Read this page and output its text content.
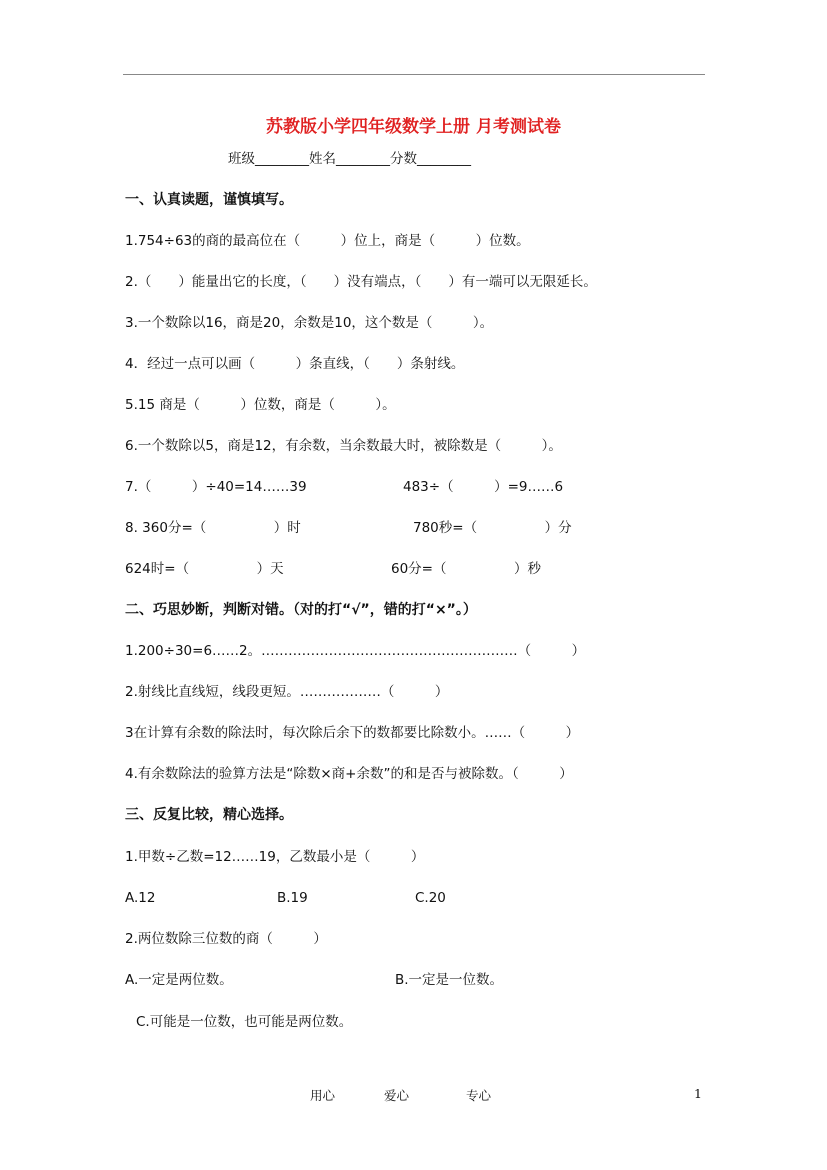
苏教版小学四年级数学上册 月考测试卷
班级________姓名________分数________
一、认真读题，谨慎填写。
1.754÷63的商的最高位在（　　　）位上，商是（　　　）位数。
2.（　　）能量出它的长度，（　　）没有端点，（　　）有一端可以无限延长。
3.一个数除以16，商是20，余数是10，这个数是（　　　）。
4．经过一点可以画（　　　）条直线，（　　）条射线。
5.15 商是（　　　）位数，商是（　　　）。
6.一个数除以5，商是12，有余数，当余数最大时，被除数是（　　　）。
7.（　　　）÷40=14……39	483÷（　　　）=9……6
8. 360分=（　　　　　）时	780秒=（　　　　　）分
624时=（　　　　　）天	60分=（　　　　　）秒
二、巧思妙断，判断对错。（对的打“√”，错的打“×”。）
1.200÷30=6……2。…………………………………………………（　　　）
2.射线比直线短，线段更短。………………（　　　）
3在计算有余数的除法时，每次除后余下的数都要比除数小。……（　　　）
4.有余数除法的验算方法是“除数×商+余数”的和是否与被除数。（　　　）
三、反复比较，精心选择。
1.甲数÷乙数=12……19，乙数最小是（　　　）
A.12	B.19	C.20
2.两位数除三位数的商（　　　）
A.一定是两位数。	B.一定是一位数。
C.可能是一位数，也可能是两位数。
用心	爱心	专心	1
